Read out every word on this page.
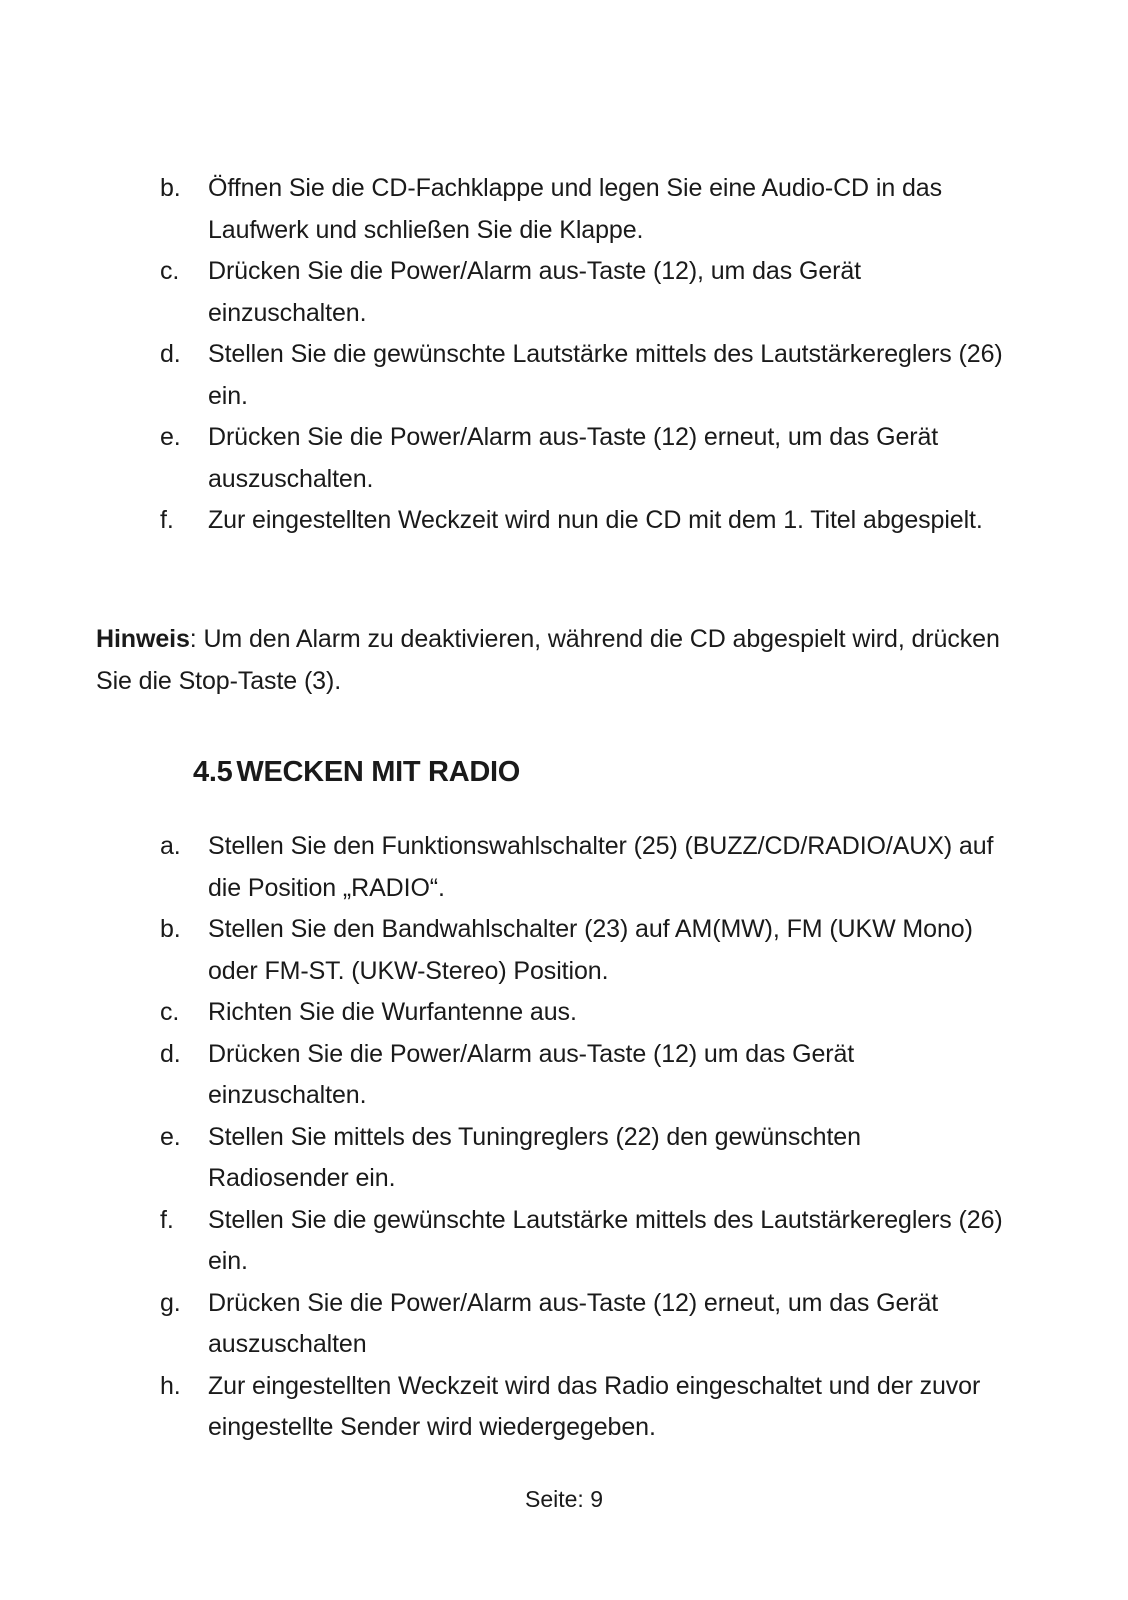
b.	Öffnen Sie die CD-Fachklappe und legen Sie eine Audio-CD in das Laufwerk und schließen Sie die Klappe.
c.	Drücken Sie die Power/Alarm aus-Taste (12), um das Gerät einzuschalten.
d.	Stellen Sie die gewünschte Lautstärke mittels des Lautstärkereglers (26) ein.
e.	Drücken Sie die Power/Alarm aus-Taste (12) erneut, um das Gerät auszuschalten.
f.	Zur eingestellten Weckzeit wird nun die CD mit dem 1. Titel abgespielt.

Hinweis: Um den Alarm zu deaktivieren, während die CD abgespielt wird, drücken Sie die Stop-Taste (3).

4.5 WECKEN MIT RADIO
a.	Stellen Sie den Funktionswahlschalter (25) (BUZZ/CD/RADIO/AUX) auf die Position „RADIO“.
b.	Stellen Sie den Bandwahlschalter (23) auf AM(MW), FM (UKW Mono) oder FM-ST. (UKW-Stereo) Position.
c.	Richten Sie die Wurfantenne aus.
d.	Drücken Sie die Power/Alarm aus-Taste (12) um das Gerät einzuschalten.
e.	Stellen Sie mittels des Tuningreglers (22) den gewünschten Radiosender ein.
f.	Stellen Sie die gewünschte Lautstärke mittels des Lautstärkereglers (26) ein.
g.	Drücken Sie die Power/Alarm aus-Taste (12) erneut, um das Gerät auszuschalten
h.	Zur eingestellten Weckzeit wird das Radio eingeschaltet und der zuvor eingestellte Sender wird wiedergegeben.

Seite: 9
